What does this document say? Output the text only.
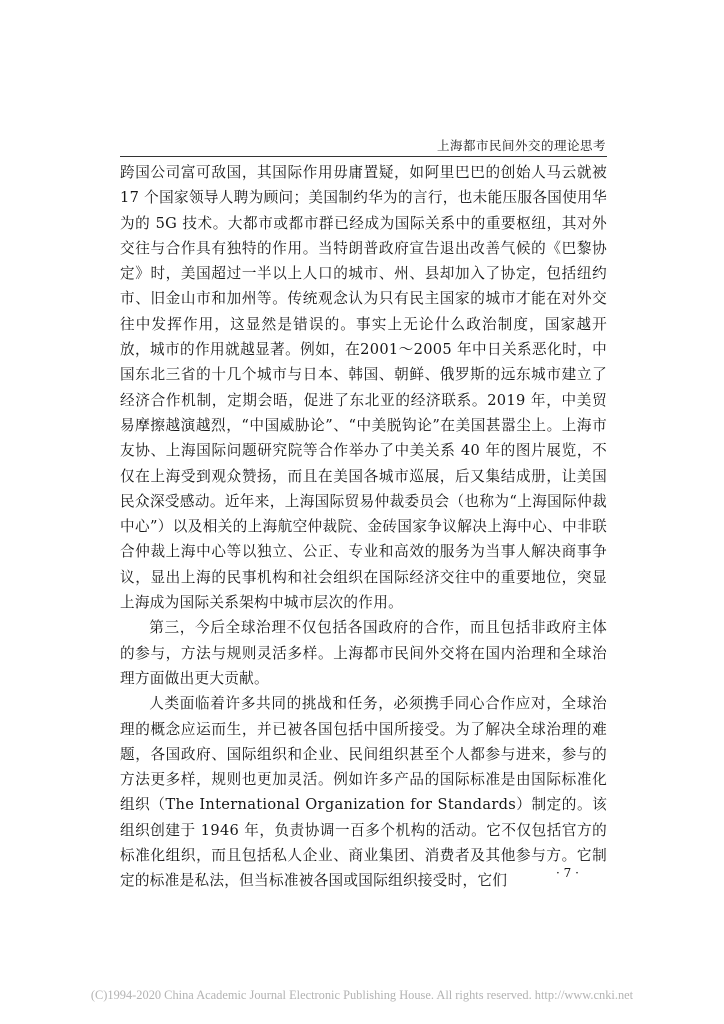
上海都市民间外交的理论思考

跨国公司富可敌国，其国际作用毋庸置疑，如阿里巴巴的创始人马云就被 17 个国家领导人聘为顾问；美国制约华为的言行，也未能压服各国使用华为的 5G 技术。大都市或都市群已经成为国际关系中的重要枢纽，其对外交往与合作具有独特的作用。当特朗普政府宣告退出改善气候的《巴黎协定》时，美国超过一半以上人口的城市、州、县却加入了协定，包括纽约市、旧金山市和加州等。传统观念认为只有民主国家的城市才能在对外交往中发挥作用，这显然是错误的。事实上无论什么政治制度，国家越开放，城市的作用就越显著。例如，在2001～2005 年中日关系恶化时，中国东北三省的十几个城市与日本、韩国、朝鲜、俄罗斯的远东城市建立了经济合作机制，定期会晤，促进了东北亚的经济联系。2019 年，中美贸易摩擦越演越烈，“中国威胁论”、“中美脱钩论”在美国甚嚣尘上。上海市友协、上海国际问题研究院等合作举办了中美关系 40 年的图片展览，不仅在上海受到观众赞扬，而且在美国各城市巡展，后又集结成册，让美国民众深受感动。近年来，上海国际贸易仲裁委员会（也称为“上海国际仲裁中心”）以及相关的上海航空仲裁院、金砖国家争议解决上海中心、中非联合仲裁上海中心等以独立、公正、专业和高效的服务为当事人解决商事争议，显出上海的民事机构和社会组织在国际经济交往中的重要地位，突显上海成为国际关系架构中城市层次的作用。

第三，今后全球治理不仅包括各国政府的合作，而且包括非政府主体的参与，方法与规则灵活多样。上海都市民间外交将在国内治理和全球治理方面做出更大贡献。

人类面临着许多共同的挑战和任务，必须携手同心合作应对，全球治理的概念应运而生，并已被各国包括中国所接受。为了解决全球治理的难题，各国政府、国际组织和企业、民间组织甚至个人都参与进来，参与的方法更多样，规则也更加灵活。例如许多产品的国际标准是由国际标准化组织（The International Organization for Standards）制定的。该组织创建于 1946 年，负责协调一百多个机构的活动。它不仅包括官方的标准化组织，而且包括私人企业、商业集团、消费者及其他参与方。它制定的标准是私法，但当标准被各国或国际组织接受时，它们	· 7 ·
(C)1994-2020 China Academic Journal Electronic Publishing House. All rights reserved. http://www.cnki.net
